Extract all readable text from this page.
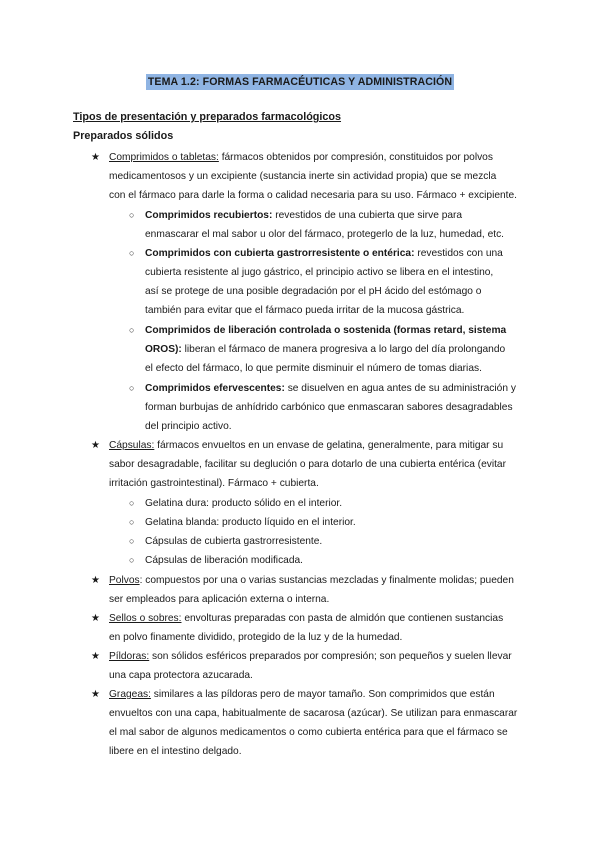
TEMA 1.2: FORMAS FARMACÉUTICAS Y ADMINISTRACIÓN
Tipos de presentación y preparados farmacológicos
Preparados sólidos
★ Comprimidos o tabletas: fármacos obtenidos por compresión, constituidos por polvos
medicamentosos y un excipiente (sustancia inerte sin actividad propia) que se mezcla
con el fármaco para darle la forma o calidad necesaria para su uso. Fármaco + excipiente.
○ Comprimidos recubiertos: revestidos de una cubierta que sirve para
enmascarar el mal sabor u olor del fármaco, protegerlo de la luz, humedad, etc.
○ Comprimidos con cubierta gastrorresistente o entérica: revestidos con una
cubierta resistente al jugo gástrico, el principio activo se libera en el intestino,
así se protege de una posible degradación por el pH ácido del estómago o
también para evitar que el fármaco pueda irritar de la mucosa gástrica.
○ Comprimidos de liberación controlada o sostenida (formas retard, sistema
OROS): liberan el fármaco de manera progresiva a lo largo del día prolongando
el efecto del fármaco, lo que permite disminuir el número de tomas diarias.
○ Comprimidos efervescentes: se disuelven en agua antes de su administración y
forman burbujas de anhídrido carbónico que enmascaran sabores desagradables
del principio activo.
★ Cápsulas: fármacos envueltos en un envase de gelatina, generalmente, para mitigar su
sabor desagradable, facilitar su deglución o para dotarlo de una cubierta entérica (evitar
irritación gastrointestinal). Fármaco + cubierta.
○ Gelatina dura: producto sólido en el interior.
○ Gelatina blanda: producto líquido en el interior.
○ Cápsulas de cubierta gastrorresistente.
○ Cápsulas de liberación modificada.
★ Polvos: compuestos por una o varias sustancias mezcladas y finalmente molidas; pueden
ser empleados para aplicación externa o interna.
★ Sellos o sobres: envolturas preparadas con pasta de almidón que contienen sustancias
en polvo finamente dividido, protegido de la luz y de la humedad.
★ Píldoras: son sólidos esféricos preparados por compresión; son pequeños y suelen llevar
una capa protectora azucarada.
★ Grageas: similares a las píldoras pero de mayor tamaño. Son comprimidos que están
envueltos con una capa, habitualmente de sacarosa (azúcar). Se utilizan para enmascarar
el mal sabor de algunos medicamentos o como cubierta entérica para que el fármaco se
libere en el intestino delgado.
